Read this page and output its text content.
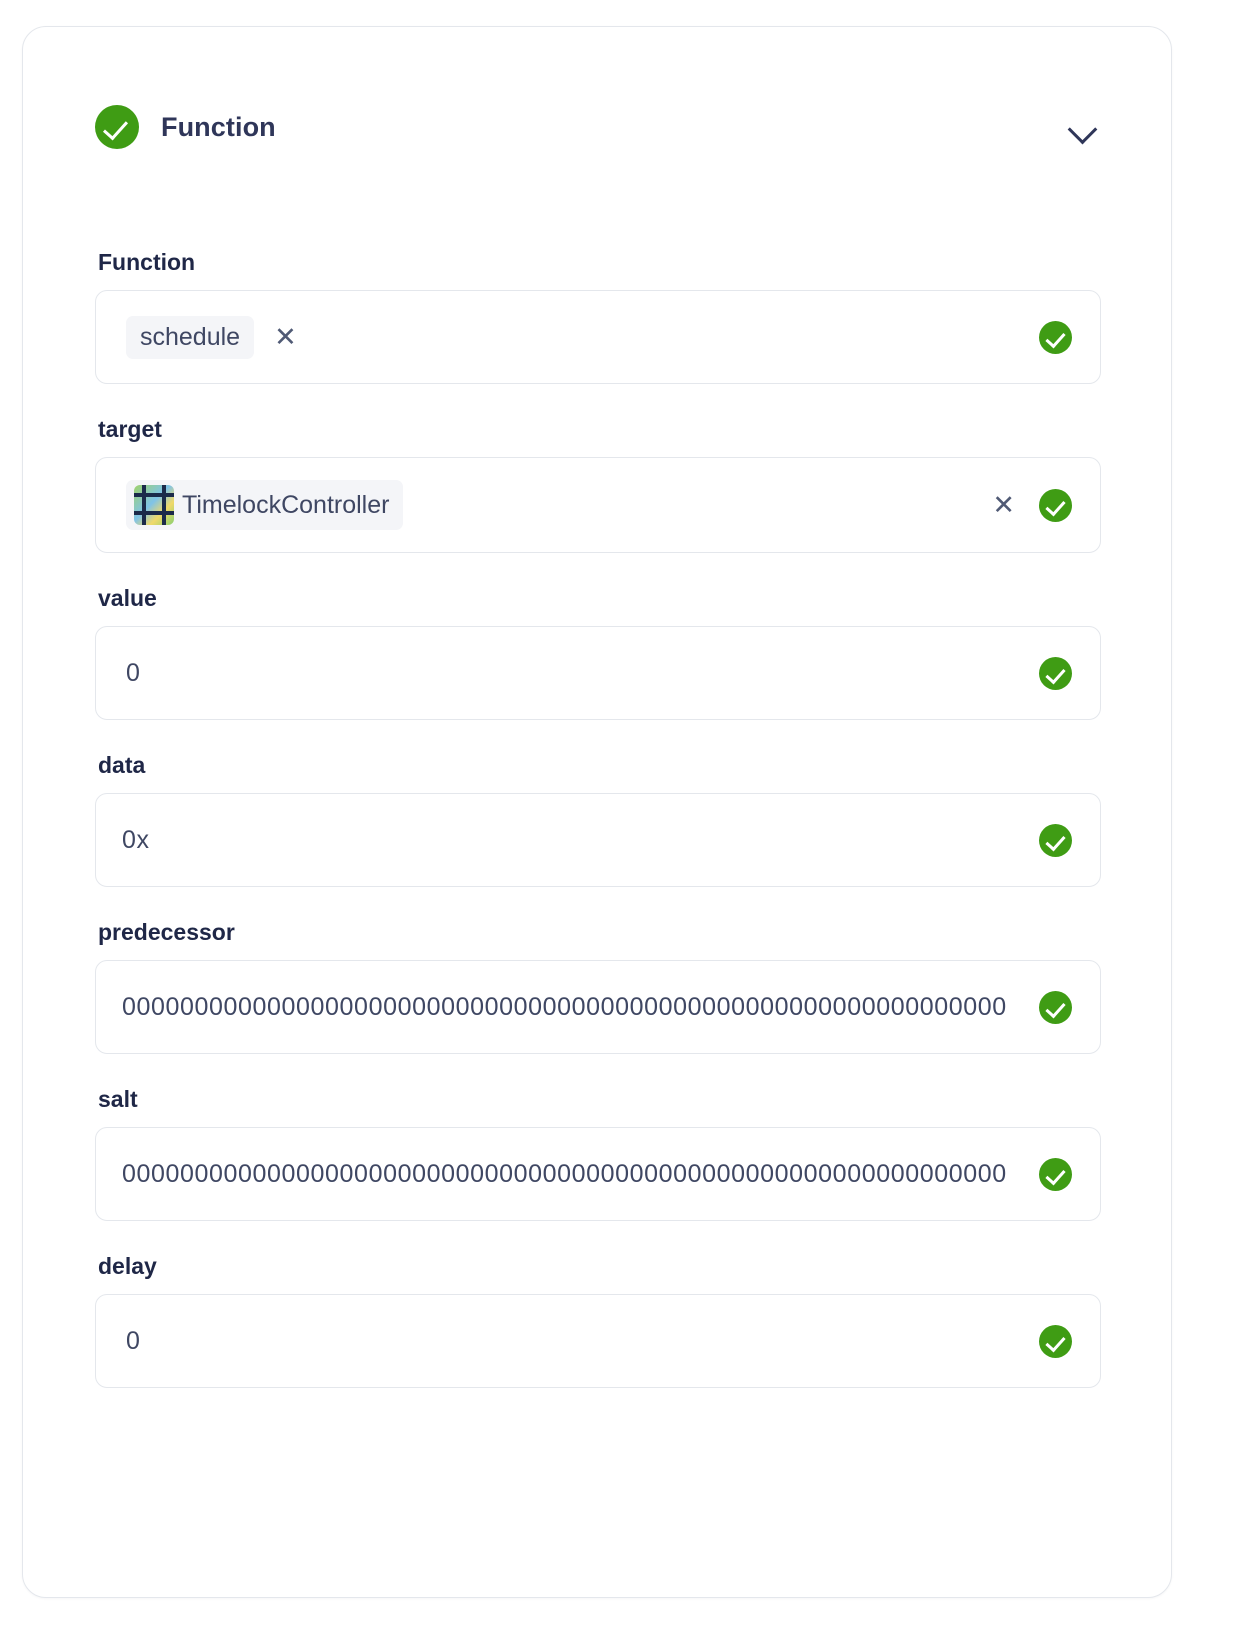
Function
Function
schedule	✕
target
TimelockController	✕
value
0
data
0x
predecessor
0000000000000000000000000000000000000000000000000000000000000
salt
0000000000000000000000000000000000000000000000000000000000000
delay
0
